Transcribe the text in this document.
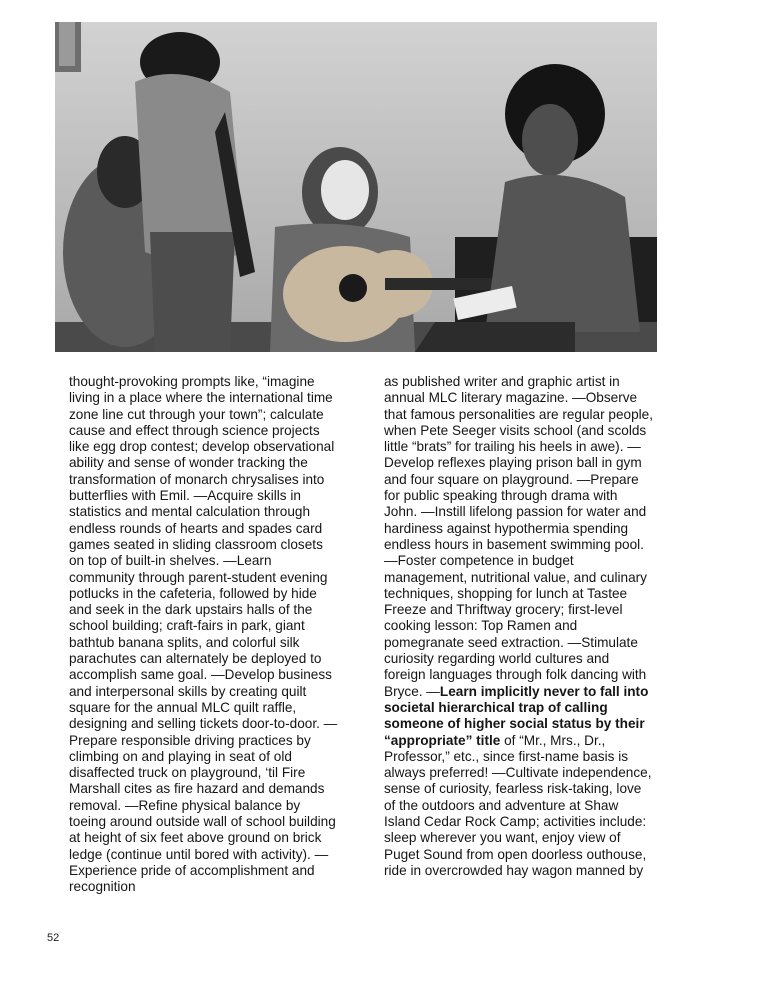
thought-provoking prompts like, “imagine living in a place where the international time zone line cut through your town”; calculate cause and effect through science projects like egg drop contest; develop observational ability and sense of wonder tracking the transformation of monarch chrysalises into butterflies with Emil. —Acquire skills in statistics and mental calculation through endless rounds of hearts and spades card games seated in sliding classroom closets on top of built-in shelves. —Learn community through parent-student evening potlucks in the cafeteria, followed by hide and seek in the dark upstairs halls of the school building; craft-fairs in park, giant bathtub banana splits, and colorful silk parachutes can alternately be deployed to accomplish same goal. —Develop business and interpersonal skills by creating quilt square for the annual MLC quilt raffle, designing and selling tickets door-to-door. —Prepare responsible driving practices by climbing on and playing in seat of old disaffected truck on playground, ‘til Fire Marshall cites as fire hazard and demands removal. —Refine physical balance by toeing around outside wall of school building at height of six feet above ground on brick ledge (continue until bored with activity). —Experience pride of accomplishment and recognition

as published writer and graphic artist in annual MLC literary magazine. —Observe that famous personalities are regular people, when Pete Seeger visits school (and scolds little “brats” for trailing his heels in awe). —Develop reflexes playing prison ball in gym and four square on playground. —Prepare for public speaking through drama with John. —Instill lifelong passion for water and hardiness against hypothermia spending endless hours in basement swimming pool. —Foster competence in budget management, nutritional value, and culinary techniques, shopping for lunch at Tastee Freeze and Thriftway grocery; first-level cooking lesson: Top Ramen and pomegranate seed extraction. —Stimulate curiosity regarding world cultures and foreign languages through folk dancing with Bryce. —Learn implicitly never to fall into societal hierarchical trap of calling someone of higher social status by their “appropriate” title of “Mr., Mrs., Dr., Professor,” etc., since first-name basis is always preferred! —Cultivate independence, sense of curiosity, fearless risk-taking, love of the outdoors and adventure at Shaw Island Cedar Rock Camp; activities include: sleep wherever you want, enjoy view of Puget Sound from open doorless outhouse, ride in overcrowded hay wagon manned by

52
